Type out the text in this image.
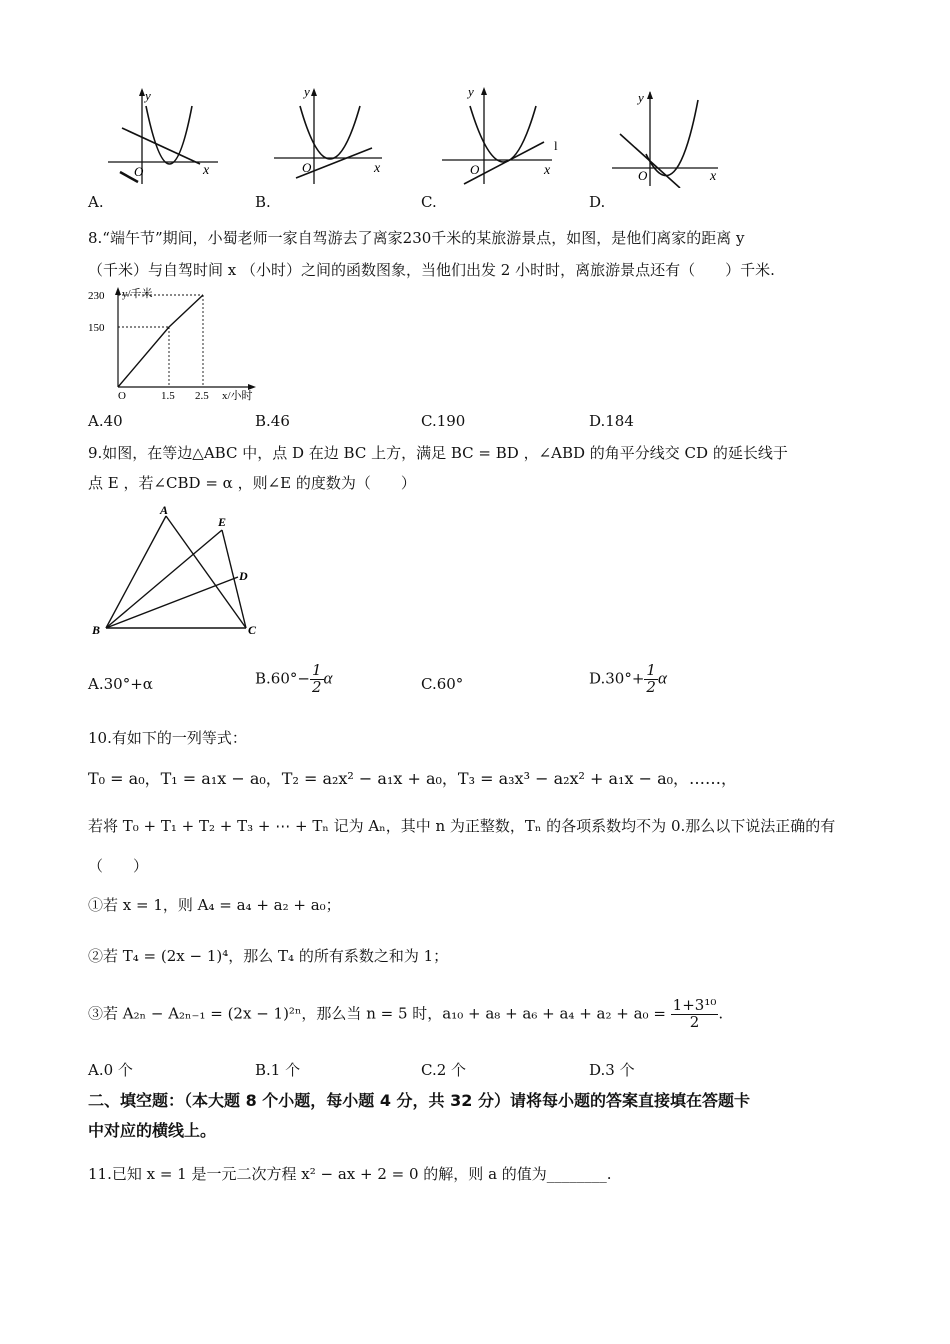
y
x
O
y
x
O
y
x
O
l
y
x
O
A.	B.	C.	D.
8.“端午节”期间，小蜀老师一家自驾游去了离家230千米的某旅游景点，如图，是他们离家的距离 y
（千米）与自驾时间 x （小时）之间的函数图象，当他们出发 2 小时时，离旅游景点还有（　　）千米.
y/千米
x/小时
O	1.5 2.5
230
150
A.40	B.46	C.190	D.184
9.如图，在等边△ABC 中，点 D 在边 BC 上方，满足 BC = BD ，∠ABD 的角平分线交 CD 的延长线于
点 E ，若∠CBD = α ，则∠E 的度数为（　　）
A
B	C
D
E
A.30°+α	$B.60^\circ- \frac{1}{2}$ α	C.60°	$D.30^\circ+ \frac{1}{2}$ α
10.有如下的一列等式：
T₀ = a₀，T₁ = a₁x − a₀，T₂ = a₂x² − a₁x + a₀，T₃ = a₃x³ − a₂x² + a₁x − a₀，……，
若将 T₀ + T₁ + T₂ + T₃ + ⋯ + Tₙ 记为 Aₙ，其中 n 为正整数，Tₙ 的各项系数均不为 0.那么以下说法正确的有
（　　）
①若 x = 1，则 A₄ = a₄ + a₂ + a₀；
②若 T₄ = (2x − 1)⁴，那么 T₄ 的所有系数之和为 1；
③若 A₂ₙ − A₂ₙ₋₁ = (2x − 1)²ⁿ，那么当 n = 5 时，$a_{10} + a_8 + a_6 + a_4 + a_2 + a_0 = \frac{\text{1+3¹⁰}}{2}$ .
A.0 个	B.1 个	C.2 个	D.3 个
二、填空题：（本大题 8 个小题，每小题 4 分，共 32 分）请将每小题的答案直接填在答题卡
中对应的横线上。
11.已知 x = 1 是一元二次方程 x² − ax + 2 = 0 的解，则 a 的值为________.
